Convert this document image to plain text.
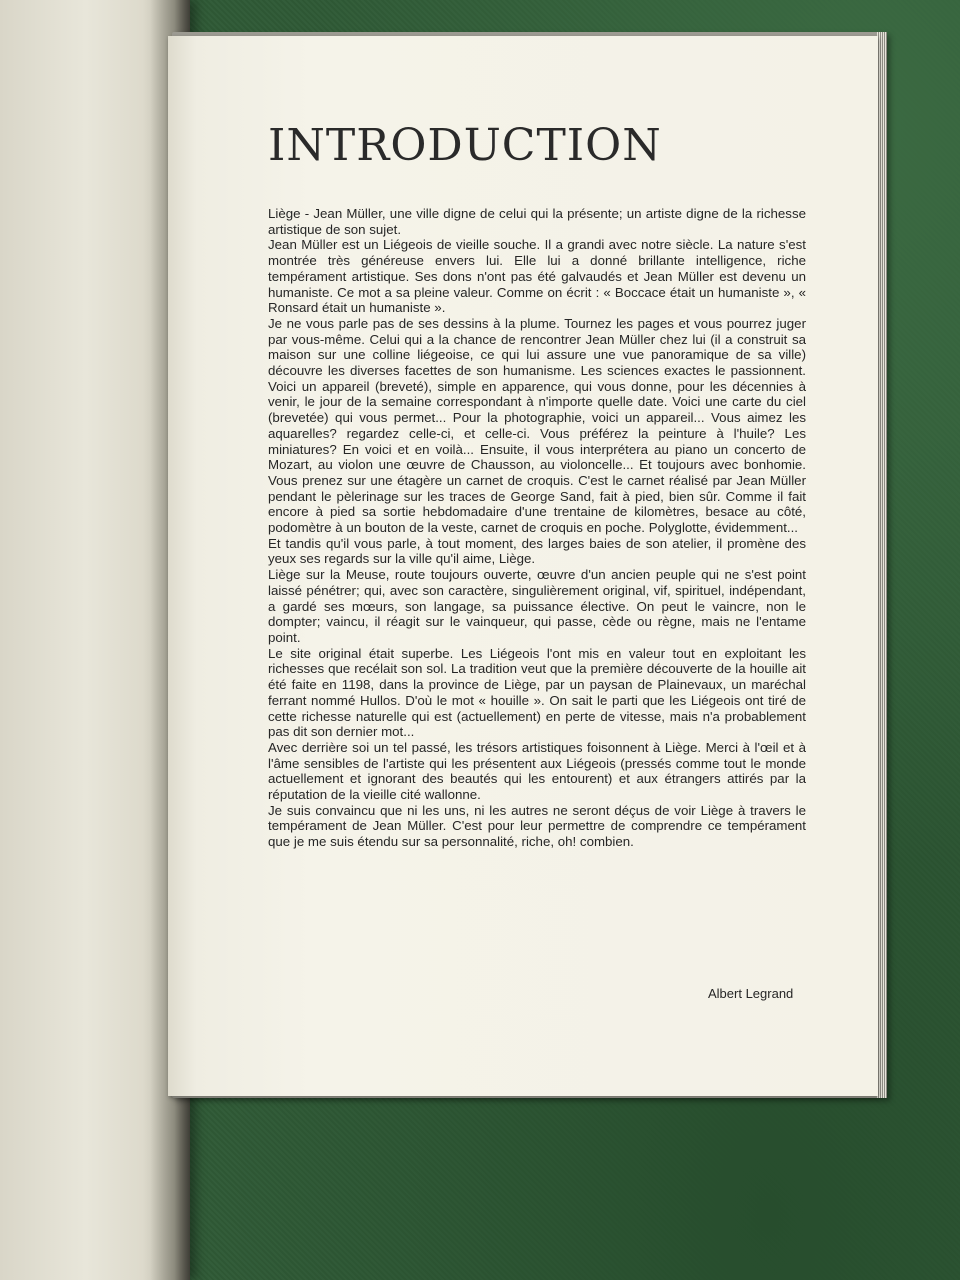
INTRODUCTION

Liège - Jean Müller, une ville digne de celui qui la présente; un artiste digne de la richesse artistique de son sujet.

Jean Müller est un Liégeois de vieille souche. Il a grandi avec notre siècle. La nature s'est montrée très généreuse envers lui. Elle lui a donné brillante intelligence, riche tempérament artistique. Ses dons n'ont pas été galvaudés et Jean Müller est devenu un humaniste. Ce mot a sa pleine valeur. Comme on écrit : « Boccace était un humaniste », « Ronsard était un humaniste ».

Je ne vous parle pas de ses dessins à la plume. Tournez les pages et vous pourrez juger par vous-même. Celui qui a la chance de rencontrer Jean Müller chez lui (il a construit sa maison sur une colline liégeoise, ce qui lui assure une vue panoramique de sa ville) découvre les diverses facettes de son humanisme. Les sciences exactes le passionnent. Voici un appareil (breveté), simple en apparence, qui vous donne, pour les décennies à venir, le jour de la semaine correspondant à n'importe quelle date. Voici une carte du ciel (brevetée) qui vous permet... Pour la photographie, voici un appareil... Vous aimez les aquarelles? regardez celle-ci, et celle-ci. Vous préférez la peinture à l'huile? Les miniatures? En voici et en voilà... Ensuite, il vous interprétera au piano un concerto de Mozart, au violon une œuvre de Chausson, au violoncelle... Et toujours avec bonhomie. Vous prenez sur une étagère un carnet de croquis. C'est le carnet réalisé par Jean Müller pendant le pèlerinage sur les traces de George Sand, fait à pied, bien sûr. Comme il fait encore à pied sa sortie hebdomadaire d'une trentaine de kilomètres, besace au côté, podomètre à un bouton de la veste, carnet de croquis en poche. Polyglotte, évidemment...

Et tandis qu'il vous parle, à tout moment, des larges baies de son atelier, il promène des yeux ses regards sur la ville qu'il aime, Liège.

Liège sur la Meuse, route toujours ouverte, œuvre d'un ancien peuple qui ne s'est point laissé pénétrer; qui, avec son caractère, singulièrement original, vif, spirituel, indépendant, a gardé ses mœurs, son langage, sa puissance élective. On peut le vaincre, non le dompter; vaincu, il réagit sur le vainqueur, qui passe, cède ou règne, mais ne l'entame point.

Le site original était superbe. Les Liégeois l'ont mis en valeur tout en exploitant les richesses que recélait son sol. La tradition veut que la première découverte de la houille ait été faite en 1198, dans la province de Liège, par un paysan de Plainevaux, un maréchal ferrant nommé Hullos. D'où le mot « houille ». On sait le parti que les Liégeois ont tiré de cette richesse naturelle qui est (actuellement) en perte de vitesse, mais n'a probablement pas dit son dernier mot...

Avec derrière soi un tel passé, les trésors artistiques foisonnent à Liège. Merci à l'œil et à l'âme sensibles de l'artiste qui les présentent aux Liégeois (pressés comme tout le monde actuellement et ignorant des beautés qui les entourent) et aux étrangers attirés par la réputation de la vieille cité wallonne.

Je suis convaincu que ni les uns, ni les autres ne seront déçus de voir Liège à travers le tempérament de Jean Müller. C'est pour leur permettre de comprendre ce tempérament que je me suis étendu sur sa personnalité, riche, oh! combien.

Albert Legrand
